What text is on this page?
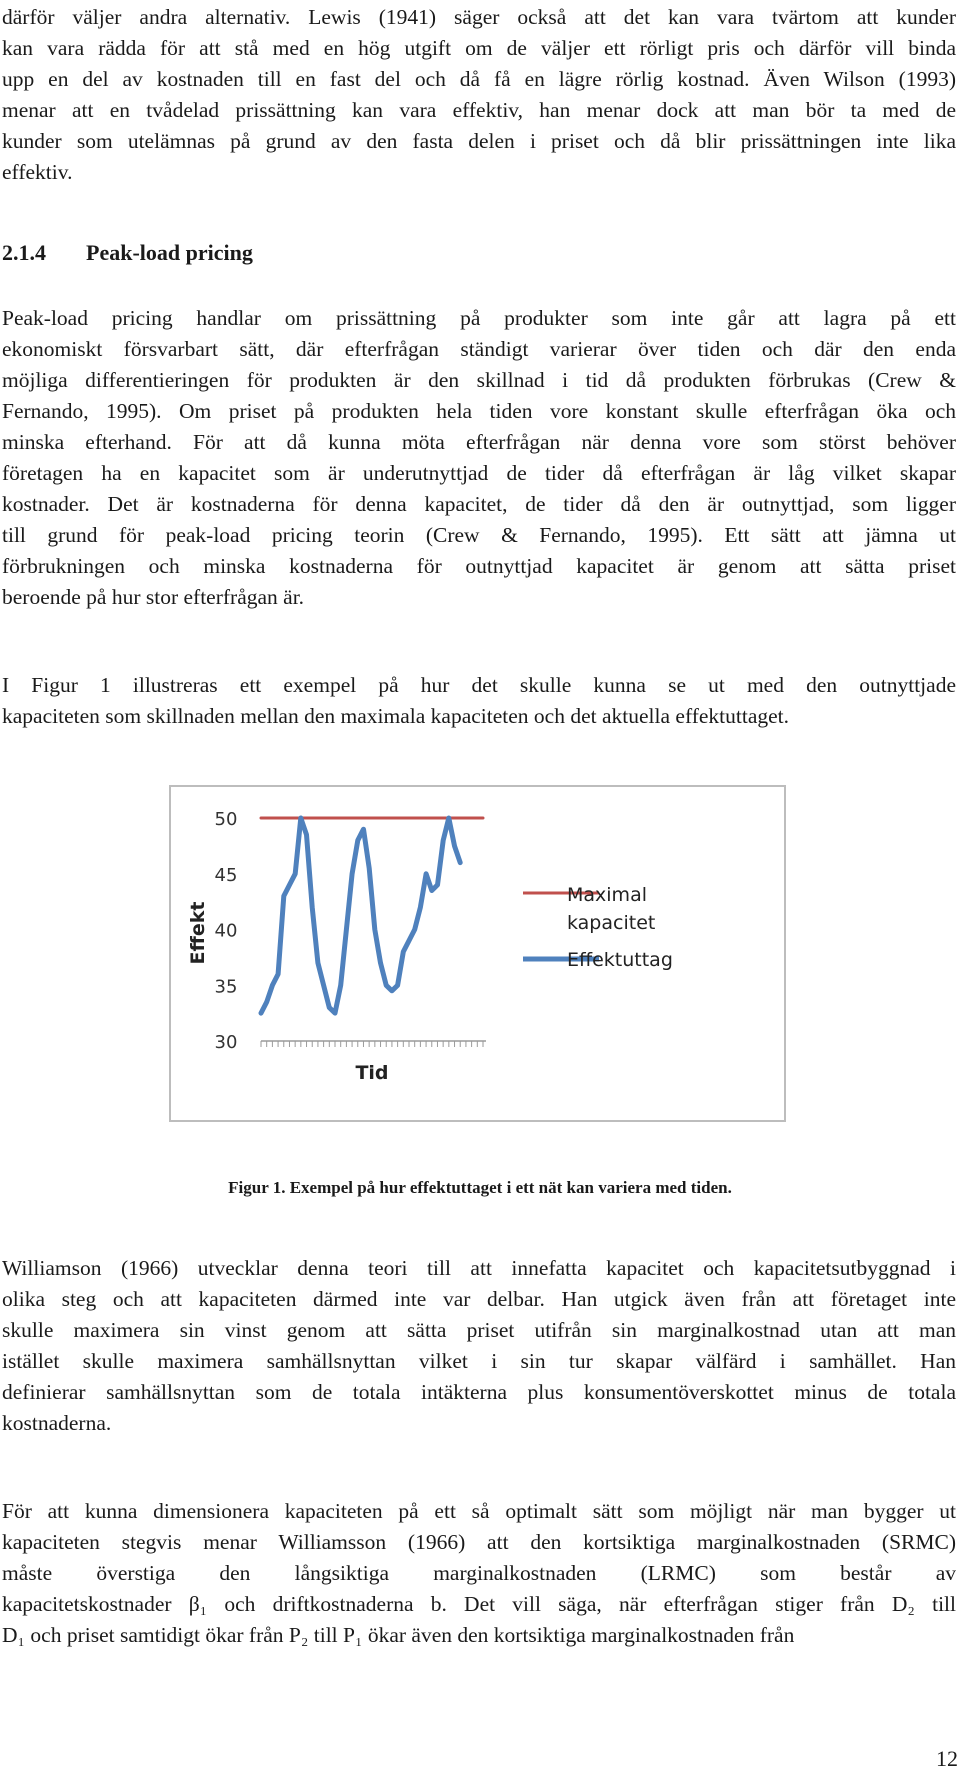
därför väljer andra alternativ. Lewis (1941) säger också att det kan vara tvärtom att kunder
kan vara rädda för att stå med en hög utgift om de väljer ett rörligt pris och därför vill binda
upp en del av kostnaden till en fast del och då få en lägre rörlig kostnad. Även Wilson (1993)
menar att en tvådelad prissättning kan vara effektiv, han menar dock att man bör ta med de
kunder som utelämnas på grund av den fasta delen i priset och då blir prissättningen inte lika
effektiv.
2.1.4 Peak-load pricing
Peak-load pricing handlar om prissättning på produkter som inte går att lagra på ett
ekonomiskt försvarbart sätt, där efterfrågan ständigt varierar över tiden och där den enda
möjliga differentieringen för produkten är den skillnad i tid då produkten förbrukas (Crew &
Fernando, 1995). Om priset på produkten hela tiden vore konstant skulle efterfrågan öka och
minska efterhand. För att då kunna möta efterfrågan när denna vore som störst behöver
företagen ha en kapacitet som är underutnyttjad de tider då efterfrågan är låg vilket skapar
kostnader. Det är kostnaderna för denna kapacitet, de tider då den är outnyttjad, som ligger
till grund för peak-load pricing teorin (Crew & Fernando, 1995). Ett sätt att jämna ut
förbrukningen och minska kostnaderna för outnyttjad kapacitet är genom att sätta priset
beroende på hur stor efterfrågan är.
I Figur 1 illustreras ett exempel på hur det skulle kunna se ut med den outnyttjade
kapaciteten som skillnaden mellan den maximala kapaciteten och det aktuella effektuttaget.
30
35
40
45
50
Tid
Effekt
Maximal kapacitet
Effektuttag

Figur 1. Exempel på hur effektuttaget i ett nät kan variera med tiden.

Williamson (1966) utvecklar denna teori till att innefatta kapacitet och kapacitetsutbyggnad i
olika steg och att kapaciteten därmed inte var delbar. Han utgick även från att företaget inte
skulle maximera sin vinst genom att sätta priset utifrån sin marginalkostnad utan att man
istället skulle maximera samhällsnyttan vilket i sin tur skapar välfärd i samhället. Han
definierar samhällsnyttan som de totala intäkterna plus konsumentöverskottet minus de totala
kostnaderna.
För att kunna dimensionera kapaciteten på ett så optimalt sätt som möjligt när man bygger ut
kapaciteten stegvis menar Williamsson (1966) att den kortsiktiga marginalkostnaden (SRMC)
måste överstiga den långsiktiga marginalkostnaden (LRMC) som består av
kapacitetskostnader β₁ och driftkostnaderna b. Det vill säga, när efterfrågan stiger från D₂ till
D₁ och priset samtidigt ökar från P₂ till P₁ ökar även den kortsiktiga marginalkostnaden från

12
